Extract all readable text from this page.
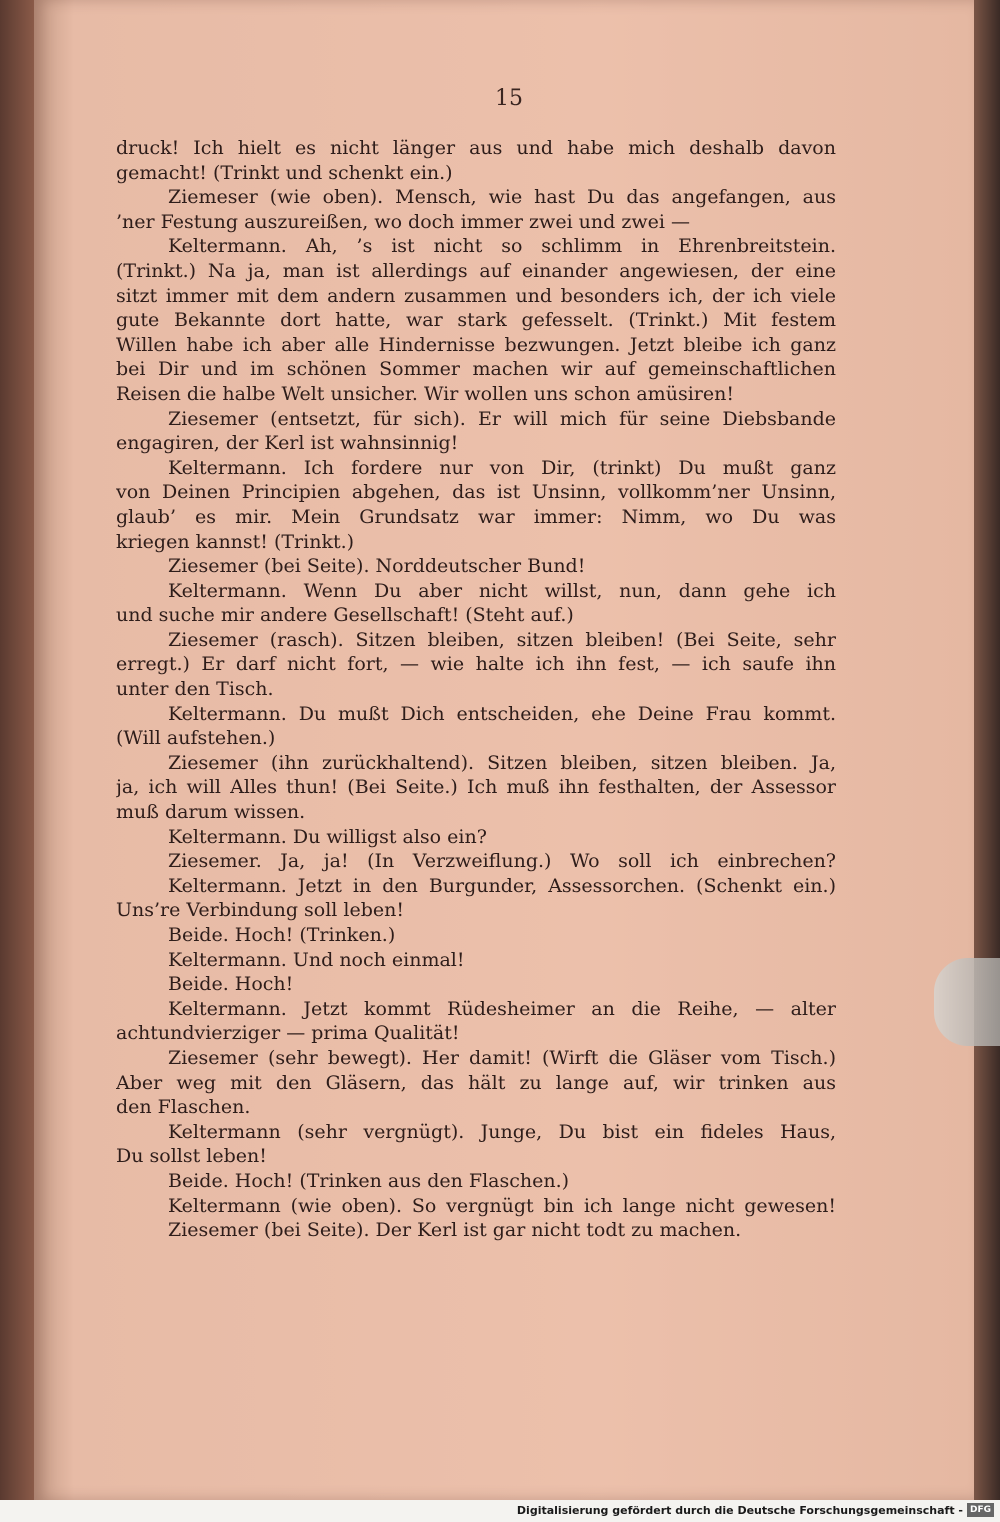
15
druck! Ich hielt es nicht länger aus und habe mich deshalb davon
gemacht! (Trinkt und schenkt ein.)
Ziemeser (wie oben). Mensch, wie hast Du das angefangen, aus
’ner Festung auszureißen, wo doch immer zwei und zwei —
Keltermann. Ah, ’s ist nicht so schlimm in Ehrenbreitstein.
(Trinkt.) Na ja, man ist allerdings auf einander angewiesen, der eine
sitzt immer mit dem andern zusammen und besonders ich, der ich viele
gute Bekannte dort hatte, war stark gefesselt. (Trinkt.) Mit festem
Willen habe ich aber alle Hindernisse bezwungen. Jetzt bleibe ich ganz
bei Dir und im schönen Sommer machen wir auf gemeinschaftlichen
Reisen die halbe Welt unsicher. Wir wollen uns schon amüsiren!
Ziesemer (entsetzt, für sich). Er will mich für seine Diebsbande
engagiren, der Kerl ist wahnsinnig!
Keltermann. Ich fordere nur von Dir, (trinkt) Du mußt ganz
von Deinen Principien abgehen, das ist Unsinn, vollkomm’ner Unsinn,
glaub’ es mir. Mein Grundsatz war immer: Nimm, wo Du was
kriegen kannst! (Trinkt.)
Ziesemer (bei Seite). Norddeutscher Bund!
Keltermann. Wenn Du aber nicht willst, nun, dann gehe ich
und suche mir andere Gesellschaft! (Steht auf.)
Ziesemer (rasch). Sitzen bleiben, sitzen bleiben! (Bei Seite, sehr
erregt.) Er darf nicht fort, — wie halte ich ihn fest, — ich saufe ihn
unter den Tisch.
Keltermann. Du mußt Dich entscheiden, ehe Deine Frau kommt.
(Will aufstehen.)
Ziesemer (ihn zurückhaltend). Sitzen bleiben, sitzen bleiben. Ja,
ja, ich will Alles thun! (Bei Seite.) Ich muß ihn festhalten, der Assessor
muß darum wissen.
Keltermann. Du willigst also ein?
Ziesemer. Ja, ja! (In Verzweiflung.) Wo soll ich einbrechen?
Keltermann. Jetzt in den Burgunder, Assessorchen. (Schenkt ein.)
Uns’re Verbindung soll leben!
Beide. Hoch! (Trinken.)
Keltermann. Und noch einmal!
Beide. Hoch!
Keltermann. Jetzt kommt Rüdesheimer an die Reihe, — alter
achtundvierziger — prima Qualität!
Ziesemer (sehr bewegt). Her damit! (Wirft die Gläser vom Tisch.)
Aber weg mit den Gläsern, das hält zu lange auf, wir trinken aus
den Flaschen.
Keltermann (sehr vergnügt). Junge, Du bist ein fideles Haus,
Du sollst leben!
Beide. Hoch! (Trinken aus den Flaschen.)
Keltermann (wie oben). So vergnügt bin ich lange nicht gewesen!
Ziesemer (bei Seite). Der Kerl ist gar nicht todt zu machen.
Digitalisierung gefördert durch die Deutsche Forschungsgemeinschaft - DFG
